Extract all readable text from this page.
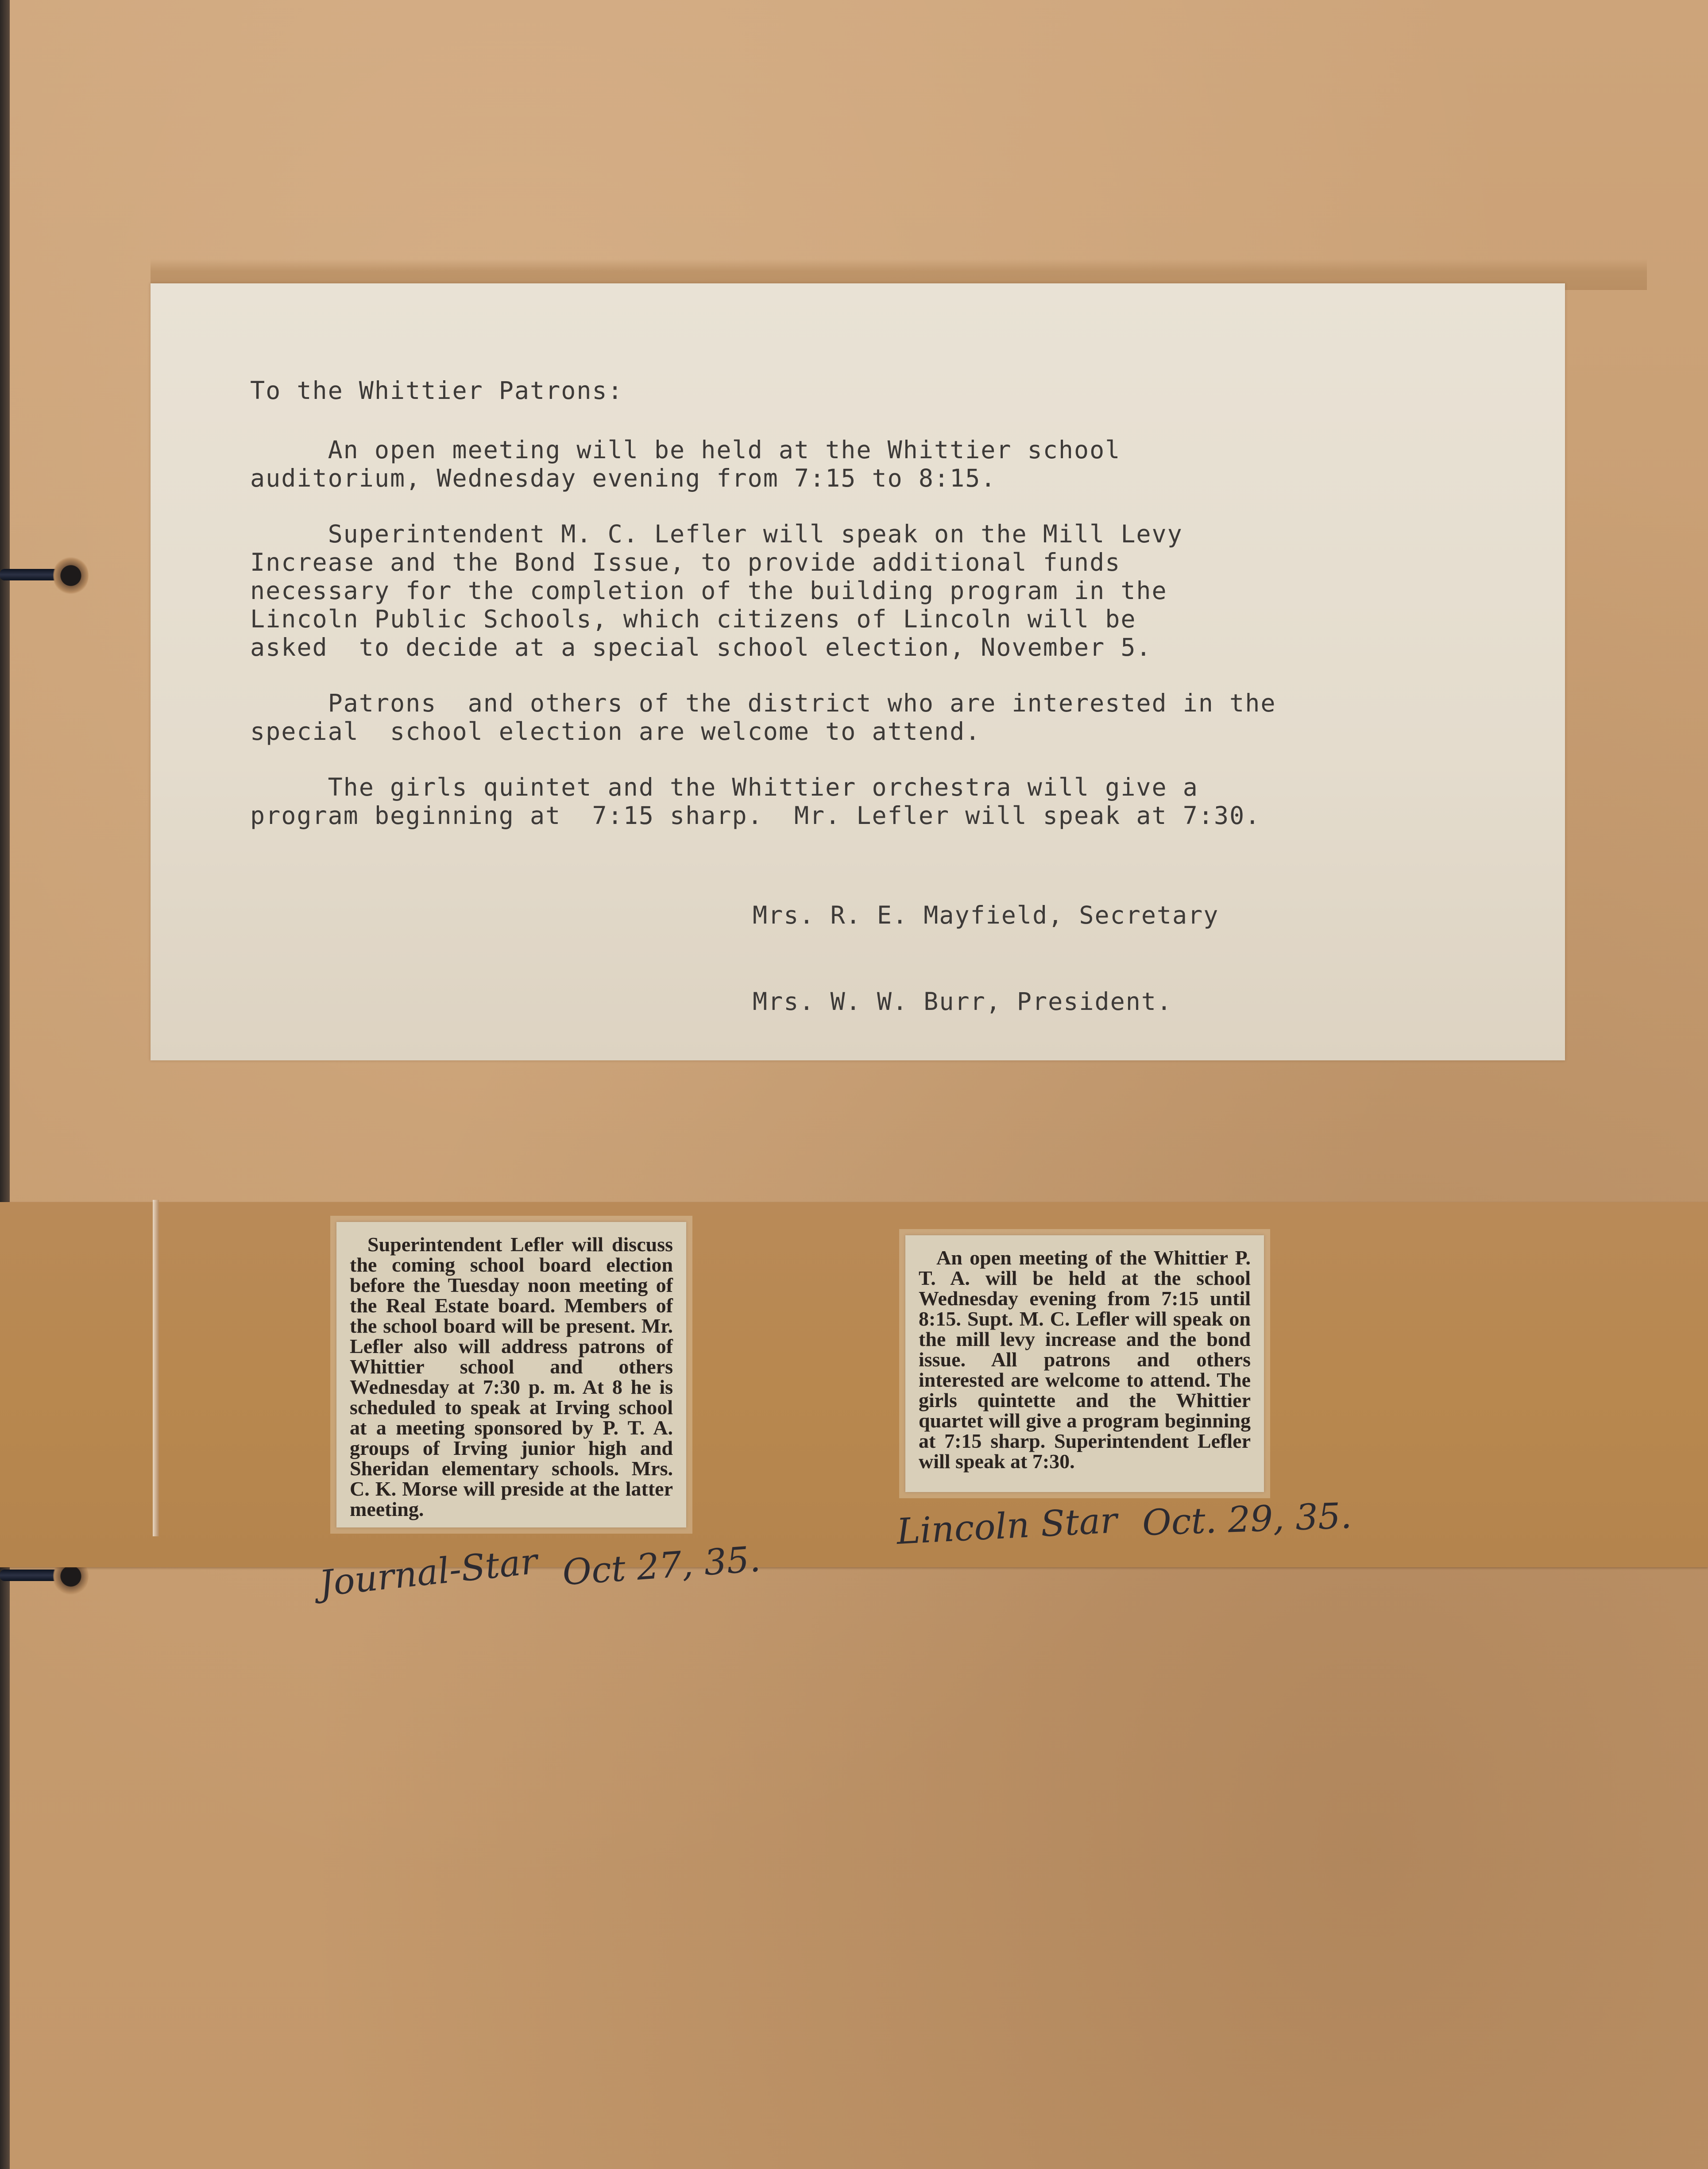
To the Whittier Patrons:

An open meeting will be held at the Whittier school
auditorium, Wednesday evening from 7:15 to 8:15.

Superintendent M. C. Lefler will speak on the Mill Levy
Increase and the Bond Issue, to provide additional funds
necessary for the completion of the building program in the
Lincoln Public Schools, which citizens of Lincoln will be
asked  to decide at a special school election, November 5.

Patrons  and others of the district who are interested in the
special  school election are welcome to attend.

The girls quintet and the Whittier orchestra will give a
program beginning at  7:15 sharp.  Mr. Lefler will speak at 7:30.

Mrs. R. E. Mayfield, Secretary
Mrs. W. W. Burr, President.

Superintendent Lefler will discuss the coming school board election before the Tuesday noon meeting of the Real Estate board. Members of the school board will be present. Mr. Lefler also will address patrons of Whittier school and others Wednesday at 7:30 p. m. At 8 he is scheduled to speak at Irving school at a meeting sponsored by P. T. A. groups of Irving junior high and Sheridan elementary schools. Mrs. C. K. Morse will preside at the latter meeting.

An open meeting of the Whittier P. T. A. will be held at the school Wednesday evening from 7:15 until 8:15. Supt. M. C. Lefler will speak on the mill levy increase and the bond issue. All patrons and others interested are welcome to attend. The girls quintette and the Whittier quartet will give a program beginning at 7:15 sharp. Superintendent Lefler will speak at 7:30.

Journal-Star Oct 27, 35.
Lincoln Star Oct. 29, 35.
